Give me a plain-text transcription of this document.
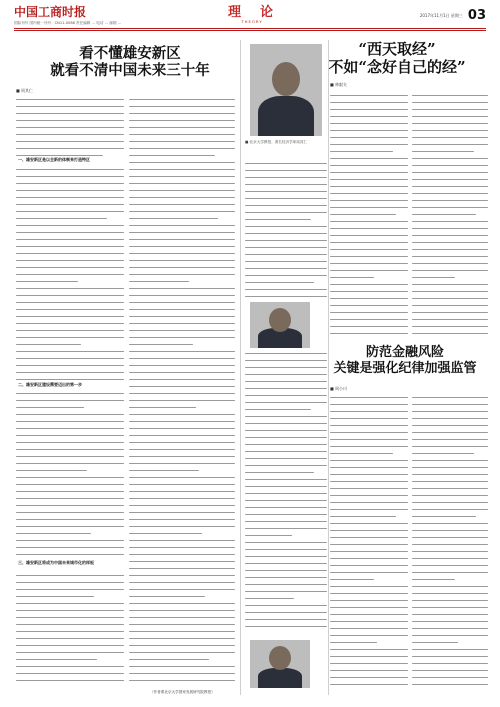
中国工商时报
国际刊号 国内统一刊号：CN11-0088 责任编辑 … 电话 … 邮箱 …
理　论
THEORY
2017年11月1日 星期三 03
看不懂雄安新区
就看不清中国未来三十年
■ 周其仁
“西天取经”
不如“念好自己的经”
■ 林毅夫
防范金融风险
关键是强化纪律加强监管
■ 周小川
一、雄安新区是以全新的体制来打造特区
二、雄安新区建设需要迈出的第一步
三、雄安新区将成为中国未来城市化的样板
■ 北京大学教授、著名经济学家周其仁
（作者系北京大学国家发展研究院教授）
